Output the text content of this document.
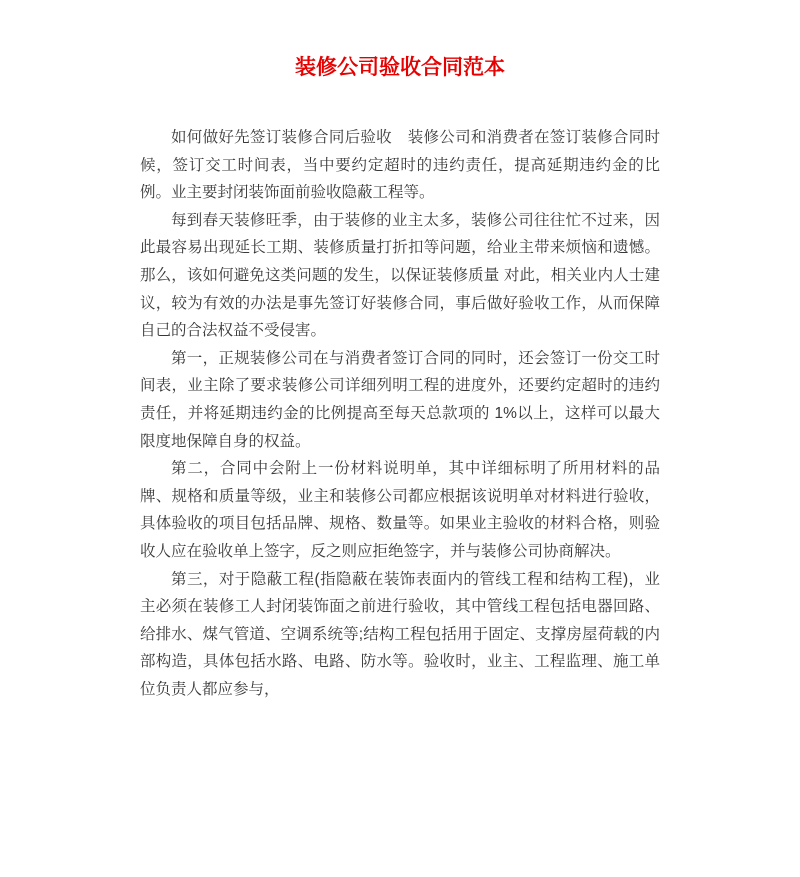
装修公司验收合同范本

如何做好先签订装修合同后验收　装修公司和消费者在签订装修合同时候，签订交工时间表，当中要约定超时的违约责任，提高延期违约金的比例。业主要封闭装饰面前验收隐蔽工程等。

每到春天装修旺季，由于装修的业主太多，装修公司往往忙不过来，因此最容易出现延长工期、装修质量打折扣等问题，给业主带来烦恼和遗憾。那么，该如何避免这类问题的发生，以保证装修质量 对此，相关业内人士建议，较为有效的办法是事先签订好装修合同，事后做好验收工作，从而保障自己的合法权益不受侵害。

第一，正规装修公司在与消费者签订合同的同时，还会签订一份交工时间表，业主除了要求装修公司详细列明工程的进度外，还要约定超时的违约责任，并将延期违约金的比例提高至每天总款项的 1%以上，这样可以最大限度地保障自身的权益。

第二，合同中会附上一份材料说明单，其中详细标明了所用材料的品牌、规格和质量等级，业主和装修公司都应根据该说明单对材料进行验收，具体验收的项目包括品牌、规格、数量等。如果业主验收的材料合格，则验收人应在验收单上签字，反之则应拒绝签字，并与装修公司协商解决。

第三，对于隐蔽工程(指隐蔽在装饰表面内的管线工程和结构工程)，业主必须在装修工人封闭装饰面之前进行验收，其中管线工程包括电器回路、给排水、煤气管道、空调系统等;结构工程包括用于固定、支撑房屋荷载的内部构造，具体包括水路、电路、防水等。验收时，业主、工程监理、施工单位负责人都应参与，
